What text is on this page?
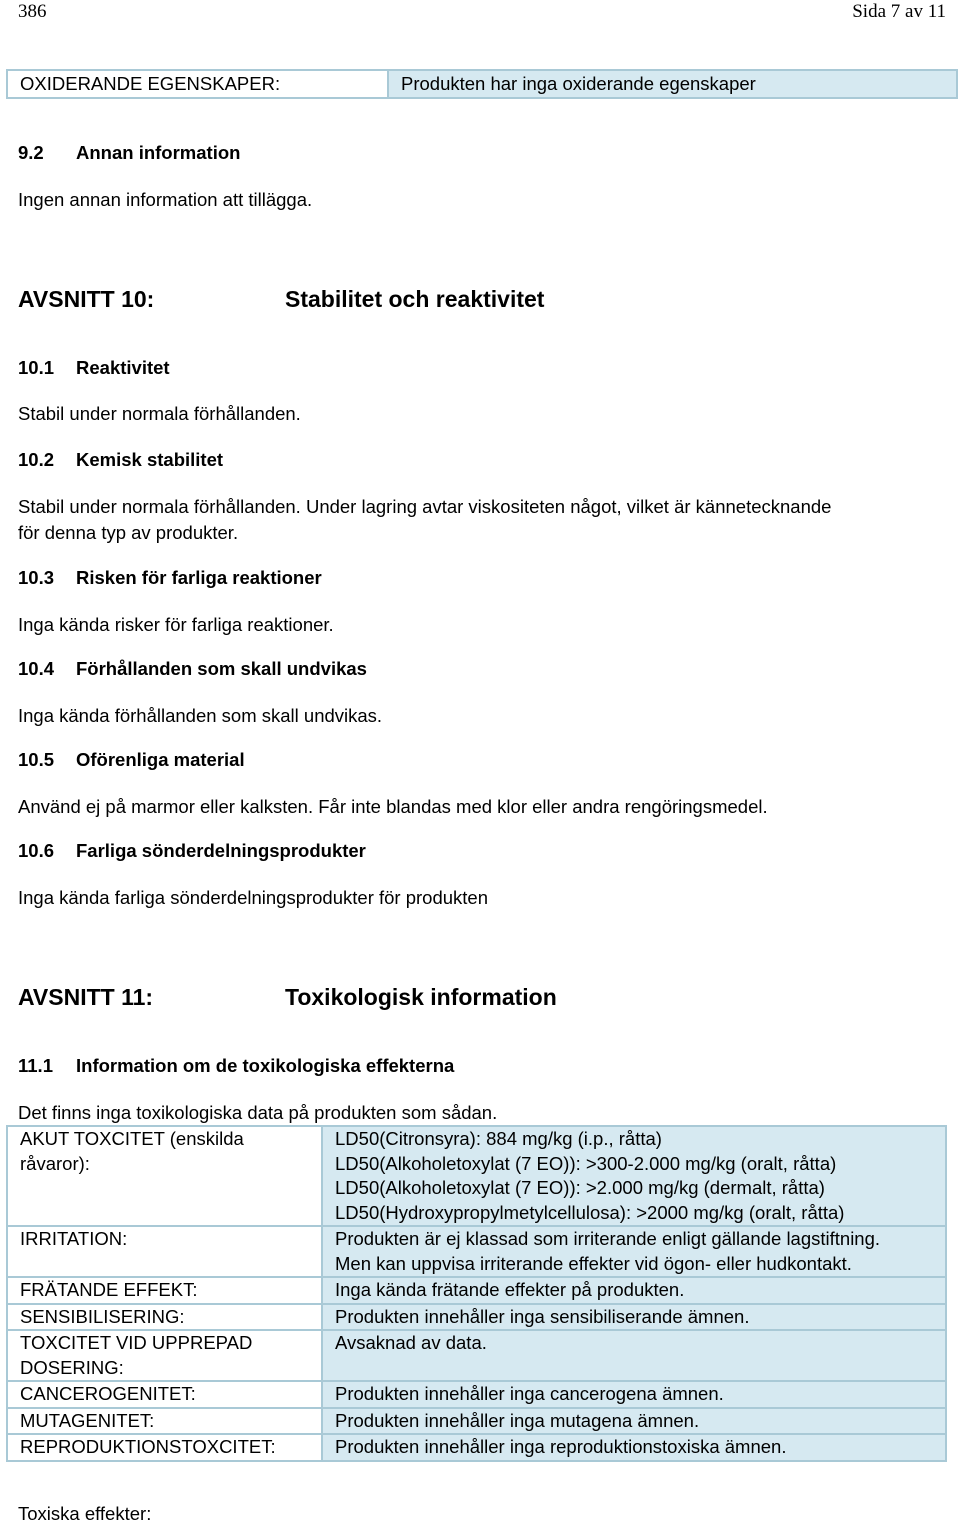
386	Sida 7 av 11
OXIDERANDE EGENSKAPER:	Produkten har inga oxiderande egenskaper
9.2 Annan information
Ingen annan information att tillägga.
AVSNITT 10:	Stabilitet och reaktivitet
10.1 Reaktivitet
Stabil under normala förhållanden.
10.2 Kemisk stabilitet
Stabil under normala förhållanden. Under lagring avtar viskositeten något, vilket är kännetecknande
för denna typ av produkter.
10.3 Risken för farliga reaktioner
Inga kända risker för farliga reaktioner.
10.4 Förhållanden som skall undvikas
Inga kända förhållanden som skall undvikas.
10.5 Oförenliga material
Använd ej på marmor eller kalksten. Får inte blandas med klor eller andra rengöringsmedel.
10.6 Farliga sönderdelningsprodukter
Inga kända farliga sönderdelningsprodukter för produkten
AVSNITT 11:	Toxikologisk information
11.1 Information om de toxikologiska effekterna
Det finns inga toxikologiska data på produkten som sådan.
AKUT TOXCITET (enskilda
råvaror):	LD50(Citronsyra): 884 mg/kg (i.p., råtta)
LD50(Alkoholetoxylat (7 EO)): >300-2.000 mg/kg (oralt, råtta)
LD50(Alkoholetoxylat (7 EO)): >2.000 mg/kg (dermalt, råtta)
LD50(Hydroxypropylmetylcellulosa): >2000 mg/kg (oralt, råtta)

IRRITATION:	Produkten är ej klassad som irriterande enligt gällande lagstiftning.
Men kan uppvisa irriterande effekter vid ögon- eller hudkontakt.

FRÄTANDE EFFEKT:	Inga kända frätande effekter på produkten.

SENSIBILISERING:	Produkten innehåller inga sensibiliserande ämnen.

TOXCITET VID UPPREPAD
DOSERING:	Avsaknad av data.

CANCEROGENITET:	Produkten innehåller inga cancerogena ämnen.

MUTAGENITET:	Produkten innehåller inga mutagena ämnen.

REPRODUKTIONSTOXCITET:	Produkten innehåller inga reproduktionstoxiska ämnen.
Toxiska effekter:
